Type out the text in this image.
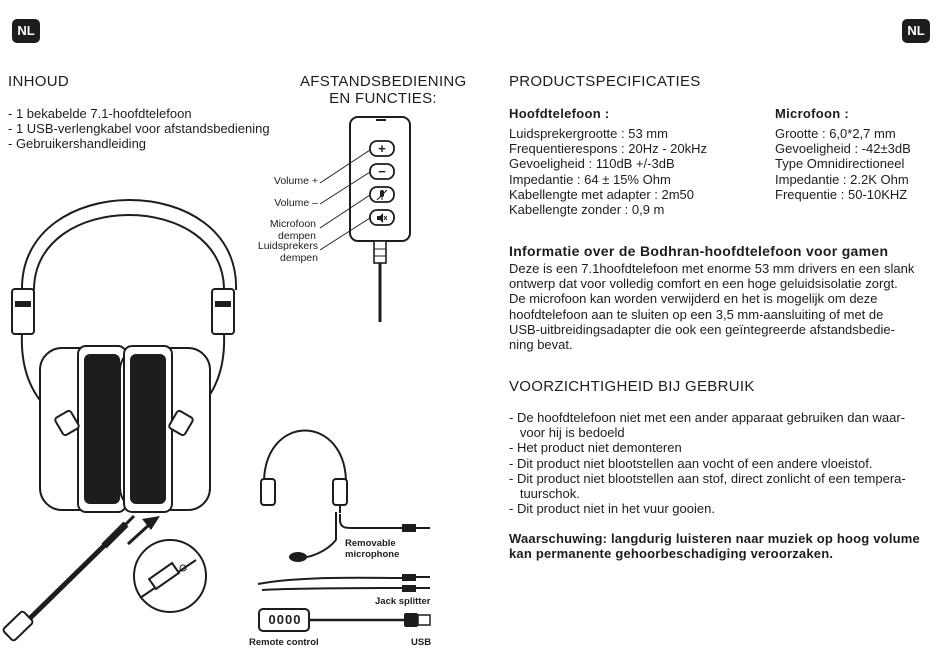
NL	NL
INHOUD
- 1 bekabelde 7.1-hoofdtelefoon
- 1 USB-verlengkabel voor afstandsbediening
- Gebruikershandleiding
AFSTANDSBEDIENING
EN FUNCTIES:
Volume +
Volume –
Microfoon dempen
Luidsprekers dempen
+
−
0000
Removable microphone
Jack splitter
Remote control	USB
PRODUCTSPECIFICATIES
Hoofdtelefoon :
Luidsprekergrootte : 53 mm
Frequentierespons : 20Hz - 20kHz
Gevoeligheid : 110dB +/-3dB
Impedantie : 64 ± 15% Ohm
Kabellengte met adapter : 2m50
Kabellengte zonder : 0,9 m
Microfoon :
Grootte : 6,0*2,7 mm
Gevoeligheid : -42±3dB
Type Omnidirectioneel
Impedantie : 2.2K Ohm
Frequentie : 50-10KHZ
Informatie over de Bodhran-hoofdtelefoon voor gamen
Deze is een 7.1hoofdtelefoon met enorme 53 mm drivers en een slank
ontwerp dat voor volledig comfort en een hoge geluidsisolatie zorgt.
De microfoon kan worden verwijderd en het is mogelijk om deze
hoofdtelefoon aan te sluiten op een 3,5 mm-aansluiting of met de
USB-uitbreidingsadapter die ook een geïntegreerde afstandsbedie-
ning bevat.
VOORZICHTIGHEID BIJ GEBRUIK
- De hoofdtelefoon niet met een ander apparaat gebruiken dan waar-
voor hij is bedoeld
- Het product niet demonteren
- Dit product niet blootstellen aan vocht of een andere vloeistof.
- Dit product niet blootstellen aan stof, direct zonlicht of een tempera-
tuurschok.
- Dit product niet in het vuur gooien.
Waarschuwing: langdurig luisteren naar muziek op hoog volume
kan permanente gehoorbeschadiging veroorzaken.
